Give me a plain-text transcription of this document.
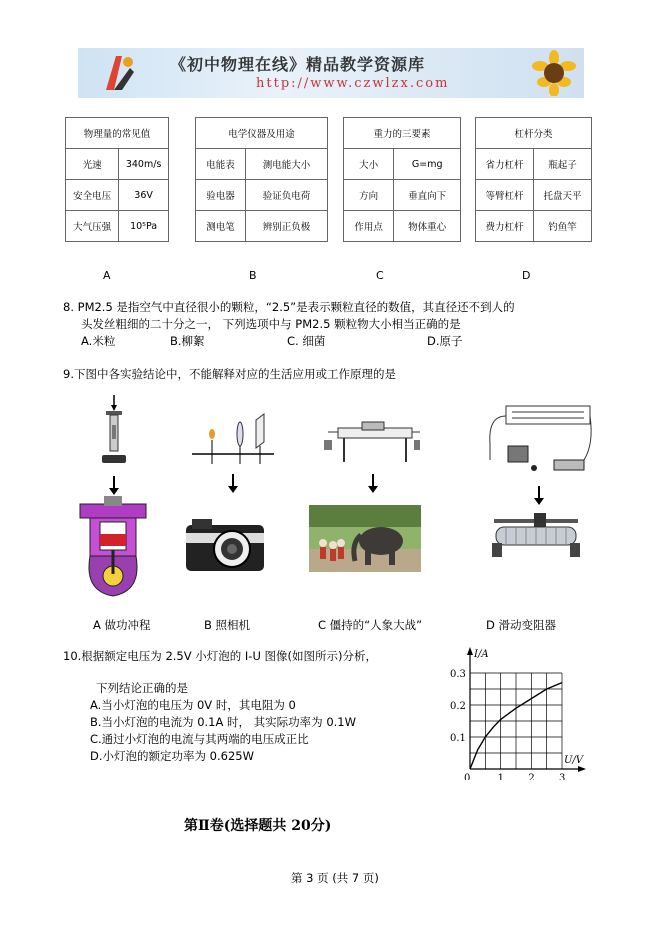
《初中物理在线》精品教学资源库
http://www.czwlzx.com
物理量的常见值	
光速	340m/s
安全电压	36V
大气压强	10⁵Pa
电学仪器及用途	
电能表	测电能大小
验电器	验证负电荷
测电笔	辨别正负极
重力的三要素	
大小	G=mg
方向	垂直向下
作用点	物体重心
杠杆分类	
省力杠杆	瓶起子
等臂杠杆	托盘天平
费力杠杆	钓鱼竿
A	B	C	D
8. PM2.5 是指空气中直径很小的颗粒，“2.5”是表示颗粒直径的数值，其直径还不到人的
头发丝粗细的二十分之一， 下列选项中与 PM2.5 颗粒物大小相当正确的是
A.米粒	B.柳絮	C. 细菌	D.原子
9.下图中各实验结论中，不能解释对应的生活应用或工作原理的是
A 做功冲程	B 照相机	C 僵持的“人象大战”	D 滑动变阻器
10.根据额定电压为 2.5V 小灯泡的 I-U 图像(如图所示)分析，
下列结论正确的是
A.当小灯泡的电压为 0V 时，其电阻为 0
B.当小灯泡的电流为 0.1A 时， 其实际功率为 0.1W
C.通过小灯泡的电流与其两端的电压成正比
D.小灯泡的额定功率为 0.625W
0	1 2 3
0.1
0.2
0.3
I/A
U/V
第Ⅱ卷(选择题共 20分)
第 3 页 (共 7 页)
